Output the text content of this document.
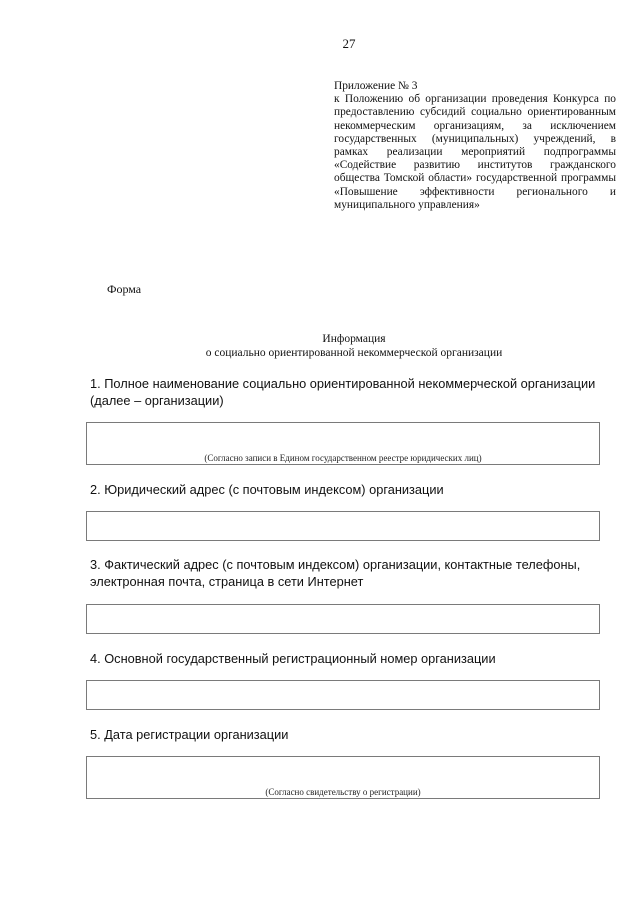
27
Приложение № 3
к Положению об организации проведения Конкурса по предоставлению субсидий социально ориентированным некоммерческим организациям, за исключением государственных (муниципальных) учреждений, в рамках реализации мероприятий подпрограммы «Содействие развитию институтов гражданского общества Томской области» государственной программы «Повышение эффективности регионального и муниципального управления»
Форма
Информация
о социально ориентированной некоммерческой организации
1. Полное наименование социально ориентированной некоммерческой организации (далее – организации)
(Согласно записи в Едином государственном реестре юридических лиц)
2. Юридический адрес (с почтовым индексом) организации
3. Фактический адрес (с почтовым индексом) организации, контактные телефоны, электронная почта, страница в сети Интернет
4. Основной государственный регистрационный номер организации
5. Дата регистрации организации
(Согласно свидетельству о регистрации)
